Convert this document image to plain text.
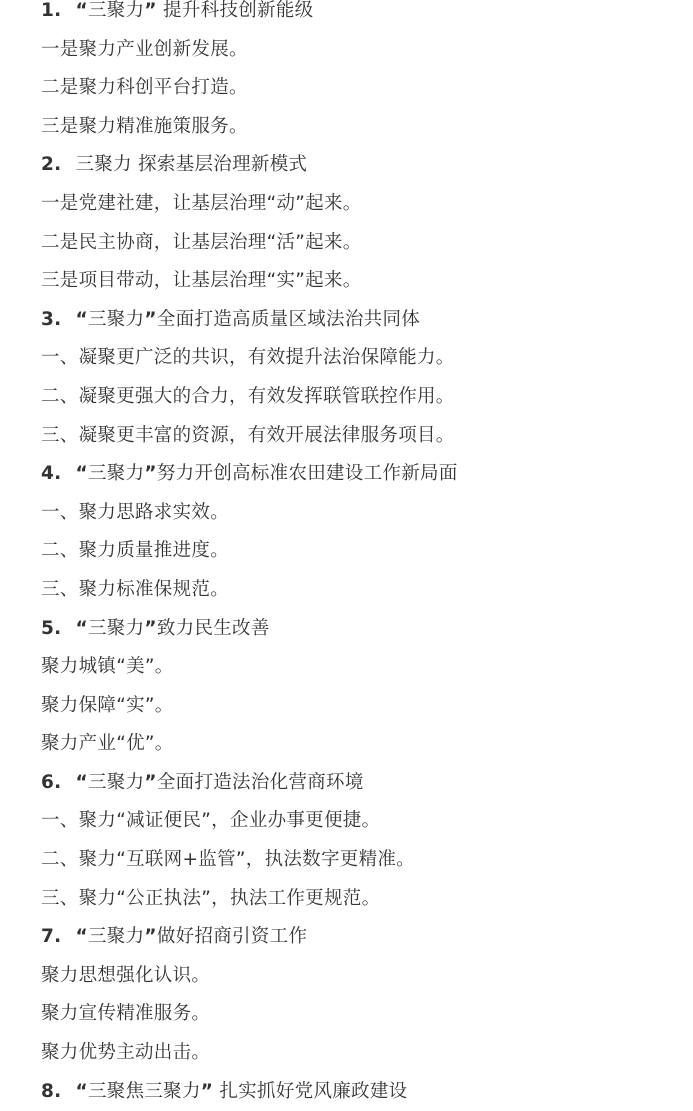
1. “三聚力” 提升科技创新能级
一是聚力产业创新发展。
二是聚力科创平台打造。
三是聚力精准施策服务。
2. 三聚力 探索基层治理新模式
一是党建社建，让基层治理“动”起来。
二是民主协商，让基层治理“活”起来。
三是项目带动，让基层治理“实”起来。
3. “三聚力”全面打造高质量区域法治共同体
一、凝聚更广泛的共识，有效提升法治保障能力。
二、凝聚更强大的合力，有效发挥联管联控作用。
三、凝聚更丰富的资源，有效开展法律服务项目。
4. “三聚力”努力开创高标准农田建设工作新局面
一、聚力思路求实效。
二、聚力质量推进度。
三、聚力标准保规范。
5. “三聚力”致力民生改善
聚力城镇“美”。
聚力保障“实”。
聚力产业“优”。
6. “三聚力”全面打造法治化营商环境
一、聚力“减证便民”，企业办事更便捷。
二、聚力“互联网+监管”，执法数字更精准。
三、聚力“公正执法”，执法工作更规范。
7. “三聚力”做好招商引资工作
聚力思想强化认识。
聚力宣传精准服务。
聚力优势主动出击。
8. “三聚焦三聚力” 扎实抓好党风廉政建设
